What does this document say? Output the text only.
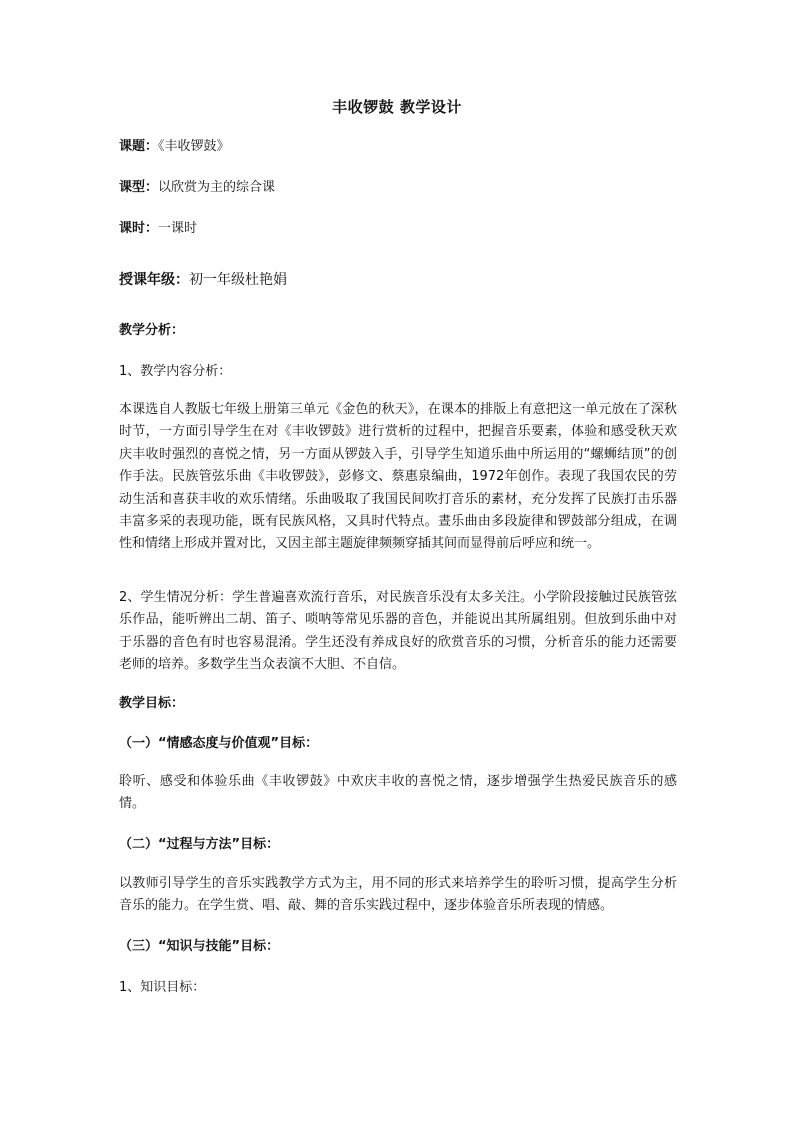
丰收锣鼓 教学设计
课题：《丰收锣鼓》
课型：以欣赏为主的综合课
课时：一课时
授课年级：初一年级杜艳娟
教学分析：
1、教学内容分析：
本课选自人教版七年级上册第三单元《金色的秋天》，在课本的排版上有意把这一单元放在了深秋时节，一方面引导学生在对《丰收锣鼓》进行赏析的过程中，把握音乐要素，体验和感受秋天欢庆丰收时强烈的喜悦之情，另一方面从锣鼓入手，引导学生知道乐曲中所运用的“螺蛳结顶”的创作手法。民族管弦乐曲《丰收锣鼓》，彭修文、蔡惠泉编曲，1972年创作。表现了我国农民的劳动生活和喜获丰收的欢乐情绪。乐曲吸取了我国民间吹打音乐的素材，充分发挥了民族打击乐器丰富多采的表现功能，既有民族风格，又具时代特点。晝乐曲由多段旋律和锣鼓部分组成，在调性和情绪上形成并置对比，又因主部主题旋律频频穿插其间而显得前后呼应和统一。
2、学生情况分析：学生普遍喜欢流行音乐，对民族音乐没有太多关注。小学阶段接触过民族管弦乐作品，能听辨出二胡、笛子、唢呐等常见乐器的音色，并能说出其所属组别。但放到乐曲中对于乐器的音色有时也容易混淆。学生还没有养成良好的欣赏音乐的习惯，分析音乐的能力还需要老师的培养。多数学生当众表演不大胆、不自信。
教学目标：
（一）“情感态度与价值观”目标：
聆听、感受和体验乐曲《丰收锣鼓》中欢庆丰收的喜悦之情，逐步增强学生热爱民族音乐的感情。
（二）“过程与方法”目标：
以教师引导学生的音乐实践教学方式为主，用不同的形式来培养学生的聆听习惯，提高学生分析音乐的能力。在学生赏、唱、敲、舞的音乐实践过程中，逐步体验音乐所表现的情感。
（三）“知识与技能”目标：
1、知识目标：
